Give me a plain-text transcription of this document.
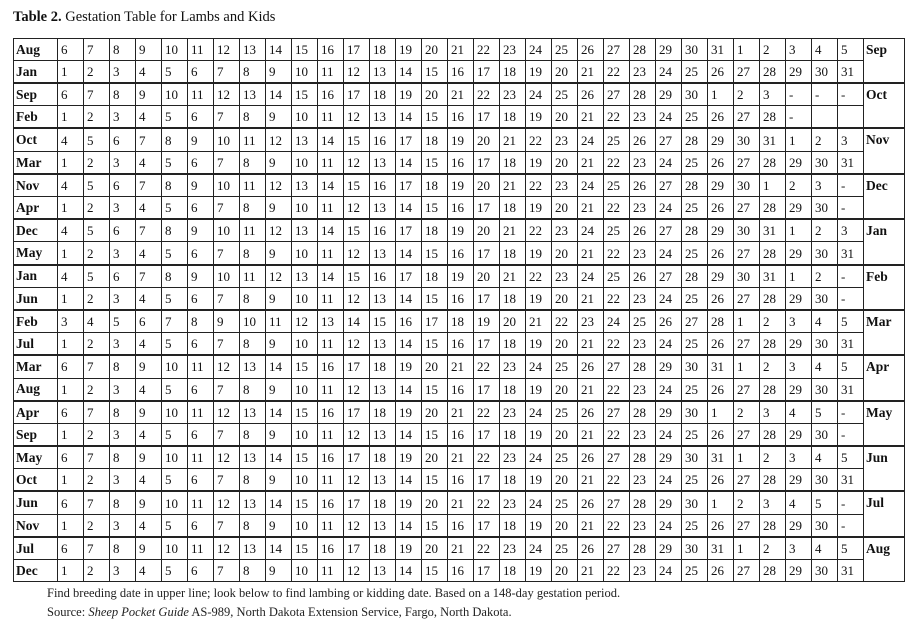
Table 2. Gestation Table for Lambs and Kids
Aug	6	7	8	9	10	11	12	13	14	15	16	17	18	19	20	21	22	23	24	25	26	27	28	29	30	31	1	2	3	4	5	Sep
Jan	1	2	3	4	5	6	7	8	9	10	11	12	13	14	15	16	17	18	19	20	21	22	23	24	25	26	27	28	29	30	31	
Sep	6	7	8	9	10	11	12	13	14	15	16	17	18	19	20	21	22	23	24	25	26	27	28	29	30	1	2	3	-	-	-	Oct
Feb	1	2	3	4	5	6	7	8	9	10	11	12	13	14	15	16	17	18	19	20	21	22	23	24	25	26	27	28	-			
Oct	4	5	6	7	8	9	10	11	12	13	14	15	16	17	18	19	20	21	22	23	24	25	26	27	28	29	30	31	1	2	3	Nov
Mar	1	2	3	4	5	6	7	8	9	10	11	12	13	14	15	16	17	18	19	20	21	22	23	24	25	26	27	28	29	30	31	
Nov	4	5	6	7	8	9	10	11	12	13	14	15	16	17	18	19	20	21	22	23	24	25	26	27	28	29	30	1	2	3	-	Dec
Apr	1	2	3	4	5	6	7	8	9	10	11	12	13	14	15	16	17	18	19	20	21	22	23	24	25	26	27	28	29	30	-	
Dec	4	5	6	7	8	9	10	11	12	13	14	15	16	17	18	19	20	21	22	23	24	25	26	27	28	29	30	31	1	2	3	Jan
May	1	2	3	4	5	6	7	8	9	10	11	12	13	14	15	16	17	18	19	20	21	22	23	24	25	26	27	28	29	30	31	
Jan	4	5	6	7	8	9	10	11	12	13	14	15	16	17	18	19	20	21	22	23	24	25	26	27	28	29	30	31	1	2	-	Feb
Jun	1	2	3	4	5	6	7	8	9	10	11	12	13	14	15	16	17	18	19	20	21	22	23	24	25	26	27	28	29	30	-	
Feb	3	4	5	6	7	8	9	10	11	12	13	14	15	16	17	18	19	20	21	22	23	24	25	26	27	28	1	2	3	4	5	Mar
Jul	1	2	3	4	5	6	7	8	9	10	11	12	13	14	15	16	17	18	19	20	21	22	23	24	25	26	27	28	29	30	31	
Mar	6	7	8	9	10	11	12	13	14	15	16	17	18	19	20	21	22	23	24	25	26	27	28	29	30	31	1	2	3	4	5	Apr
Aug	1	2	3	4	5	6	7	8	9	10	11	12	13	14	15	16	17	18	19	20	21	22	23	24	25	26	27	28	29	30	31	
Apr	6	7	8	9	10	11	12	13	14	15	16	17	18	19	20	21	22	23	24	25	26	27	28	29	30	1	2	3	4	5	-	May
Sep	1	2	3	4	5	6	7	8	9	10	11	12	13	14	15	16	17	18	19	20	21	22	23	24	25	26	27	28	29	30	-	
May	6	7	8	9	10	11	12	13	14	15	16	17	18	19	20	21	22	23	24	25	26	27	28	29	30	31	1	2	3	4	5	Jun
Oct	1	2	3	4	5	6	7	8	9	10	11	12	13	14	15	16	17	18	19	20	21	22	23	24	25	26	27	28	29	30	31	
Jun	6	7	8	9	10	11	12	13	14	15	16	17	18	19	20	21	22	23	24	25	26	27	28	29	30	1	2	3	4	5	-	Jul
Nov	1	2	3	4	5	6	7	8	9	10	11	12	13	14	15	16	17	18	19	20	21	22	23	24	25	26	27	28	29	30	-	
Jul	6	7	8	9	10	11	12	13	14	15	16	17	18	19	20	21	22	23	24	25	26	27	28	29	30	31	1	2	3	4	5	Aug
Dec	1	2	3	4	5	6	7	8	9	10	11	12	13	14	15	16	17	18	19	20	21	22	23	24	25	26	27	28	29	30	31	
Find breeding date in upper line; look below to find lambing or kidding date. Based on a 148-day gestation period.
Source: Sheep Pocket Guide AS-989, North Dakota Extension Service, Fargo, North Dakota.
